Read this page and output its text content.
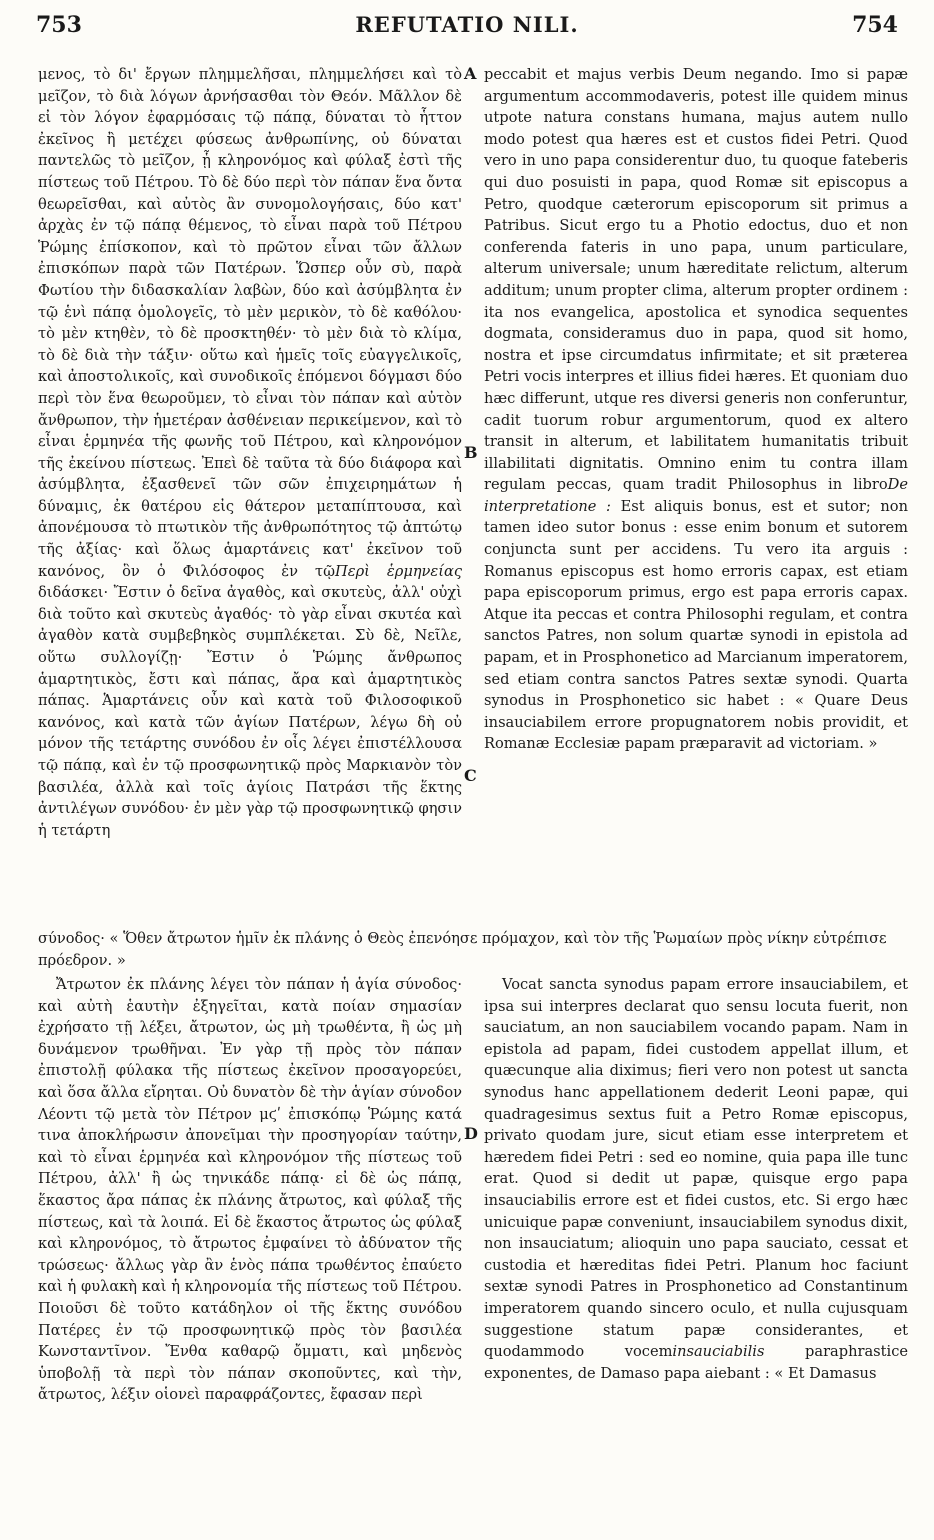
753	REFUTATIO NILI.	754

μενος, τὸ δι' ἔργων πλημμελῆσαι, πλημμελήσει καὶ τὸ μεῖζον, τὸ διὰ λόγων ἀρνήσασθαι τὸν Θεόν. Μᾶλλον δὲ εἰ τὸν λόγον ἐφαρμόσαις τῷ πάπᾳ, δύναται τὸ ἧττον ἐκεῖνος ἢ μετέχει φύσεως ἀνθρωπίνης, οὐ δύναται παντελῶς τὸ μεῖζον, ᾗ κληρονόμος καὶ φύλαξ ἐστὶ τῆς πίστεως τοῦ Πέτρου. Τὸ δὲ δύο περὶ τὸν πάπαν ἕνα ὄντα θεωρεῖσθαι, καὶ αὐτὸς ἂν συνομολογήσαις, δύο κατ' ἀρχὰς ἐν τῷ πάπᾳ θέμενος, τὸ εἶναι παρὰ τοῦ Πέτρου Ῥώμης ἐπίσκοπον, καὶ τὸ πρῶτον εἶναι τῶν ἄλλων ἐπισκόπων παρὰ τῶν Πατέρων. Ὥσπερ οὖν σὺ, παρὰ Φωτίου τὴν διδασκαλίαν λαβὼν, δύο καὶ ἀσύμβλητα ἐν τῷ ἑνὶ πάπᾳ ὁμολογεῖς, τὸ μὲν μερικὸν, τὸ δὲ καθόλου· τὸ μὲν κτηθὲν, τὸ δὲ προσκτηθέν· τὸ μὲν διὰ τὸ κλίμα, τὸ δὲ διὰ τὴν τάξιν· οὕτω καὶ ἡμεῖς τοῖς εὐαγγελικοῖς, καὶ ἀποστολικοῖς, καὶ συνοδικοῖς ἑπόμενοι δόγμασι δύο περὶ τὸν ἕνα θεωροῦμεν, τὸ εἶναι τὸν πάπαν καὶ αὐτὸν ἄνθρωπον, τὴν ἡμετέραν ἀσθένειαν περικείμενον, καὶ τὸ εἶναι ἑρμηνέα τῆς φωνῆς τοῦ Πέτρου, καὶ κληρονόμον τῆς ἐκείνου πίστεως. Ἐπεὶ δὲ ταῦτα τὰ δύο διάφορα καὶ ἀσύμβλητα, ἐξασθενεῖ τῶν σῶν ἐπιχειρημάτων ἡ δύναμις, ἐκ θατέρου εἰς θάτερον μεταπίπτουσα, καὶ ἀπονέμουσα τὸ πτωτικὸν τῆς ἀνθρωπότητος τῷ ἀπτώτῳ τῆς ἀξίας· καὶ ὅλως ἁμαρτάνεις κατ' ἐκεῖνον τοῦ κανόνος, ὃν ὁ Φιλόσοφος ἐν τῷΠερὶ ἑρμηνείας διδάσκει· Ἔστιν ὁ δεῖνα ἀγαθὸς, καὶ σκυτεὺς, ἀλλ' οὐχὶ διὰ τοῦτο καὶ σκυτεὺς ἀγαθός· τὸ γὰρ εἶναι σκυτέα καὶ ἀγαθὸν κατὰ συμβεβηκὸς συμπλέκεται. Σὺ δὲ, Νεῖλε, οὕτω συλλογίζῃ· Ἔστιν ὁ Ῥώμης ἄνθρωπος ἁμαρτητικὸς, ἔστι καὶ πάπας, ἄρα καὶ ἁμαρτητικὸς πάπας. Ἁμαρτάνεις οὖν καὶ κατὰ τοῦ Φιλοσοφικοῦ κανόνος, καὶ κατὰ τῶν ἁγίων Πατέρων, λέγω δὴ οὐ μόνον τῆς τετάρτης συνόδου ἐν οἷς λέγει ἐπιστέλλουσα τῷ πάπᾳ, καὶ ἐν τῷ προσφωνητικῷ πρὸς Μαρκιανὸν τὸν βασιλέα, ἀλλὰ καὶ τοῖς ἁγίοις Πατράσι τῆς ἕκτης ἀντιλέγων συνόδου· ἐν μὲν γὰρ τῷ προσφωνητικῷ φησιν ἡ τετάρτη

peccabit et majus verbis Deum negando. Imo si papæ argumentum accommodaveris, potest ille quidem minus utpote natura constans humana, majus autem nullo modo potest qua hæres est et custos fidei Petri. Quod vero in uno papa considerentur duo, tu quoque fateberis qui duo posuisti in papa, quod Romæ sit episcopus a Petro, quodque cæterorum episcoporum sit primus a Patribus. Sicut ergo tu a Photio edoctus, duo et non conferenda fateris in uno papa, unum particulare, alterum universale; unum hæreditate relictum, alterum additum; unum propter clima, alterum propter ordinem : ita nos evangelica, apostolica et synodica sequentes dogmata, consideramus duo in papa, quod sit homo, nostra et ipse circumdatus infirmitate; et sit præterea Petri vocis interpres et illius fidei hæres. Et quoniam duo hæc differunt, utque res diversi generis non conferuntur, cadit tuorum robur argumentorum, quod ex altero transit in alterum, et labilitatem humanitatis tribuit illabilitati dignitatis. Omnino enim tu contra illam regulam peccas, quam tradit Philosophus in libroDe interpretatione : Est aliquis bonus, est et sutor; non tamen ideo sutor bonus : esse enim bonum et sutorem conjuncta sunt per accidens. Tu vero ita arguis : Romanus episcopus est homo erroris capax, est etiam papa episcoporum primus, ergo est papa erroris capax. Atque ita peccas et contra Philosophi regulam, et contra sanctos Patres, non solum quartæ synodi in epistola ad papam, et in Prosphonetico ad Marcianum imperatorem, sed etiam contra sanctos Patres sextæ synodi. Quarta synodus in Prosphonetico sic habet : « Quare Deus insauciabilem errore propugnatorem nobis providit, et Romanæ Ecclesiæ papam præparavit ad victoriam. »

A
B
C
D
σύνοδος· « Ὅθεν ἄτρωτον ἡμῖν ἐκ πλάνης ὁ Θεὸς ἐπενόησε πρόμαχον, καὶ τὸν τῆς Ῥωμαίων πρὸς νίκην εὐτρέπισε πρόεδρον. »

Ἄτρωτον ἐκ πλάνης λέγει τὸν πάπαν ἡ ἁγία σύνοδος· καὶ αὐτὴ ἑαυτὴν ἐξηγεῖται, κατὰ ποίαν σημασίαν ἐχρήσατο τῇ λέξει, ἄτρωτον, ὡς μὴ τρωθέντα, ἢ ὡς μὴ δυνάμενον τρωθῆναι. Ἐν γὰρ τῇ πρὸς τὸν πάπαν ἐπιστολῇ φύλακα τῆς πίστεως ἐκεῖνον προσαγορεύει, καὶ ὅσα ἄλλα εἴρηται. Οὐ δυνατὸν δὲ τὴν ἁγίαν σύνοδον Λέοντι τῷ μετὰ τὸν Πέτρον μϛʹ ἐπισκόπῳ Ῥώμης κατά τινα ἀποκλήρωσιν ἀπονεῖμαι τὴν προσηγορίαν ταύτην, καὶ τὸ εἶναι ἑρμηνέα καὶ κληρονόμον τῆς πίστεως τοῦ Πέτρου, ἀλλ' ἢ ὡς τηνικάδε πάπᾳ· εἰ δὲ ὡς πάπᾳ, ἕκαστος ἄρα πάπας ἐκ πλάνης ἄτρωτος, καὶ φύλαξ τῆς πίστεως, καὶ τὰ λοιπά. Εἰ δὲ ἕκαστος ἄτρωτος ὡς φύλαξ καὶ κληρονόμος, τὸ ἄτρωτος ἐμφαίνει τὸ ἀδύνατον τῆς τρώσεως· ἄλλως γὰρ ἂν ἑνὸς πάπα τρωθέντος ἐπαύετο καὶ ἡ φυλακὴ καὶ ἡ κληρονομία τῆς πίστεως τοῦ Πέτρου. Ποιοῦσι δὲ τοῦτο κατάδηλον οἱ τῆς ἕκτης συνόδου Πατέρες ἐν τῷ προσφωνητικῷ πρὸς τὸν βασιλέα Κωνσταντῖνον. Ἔνθα καθαρῷ ὄμματι, καὶ μηδενὸς ὑποβολῇ τὰ περὶ τὸν πάπαν σκοποῦντες, καὶ τὴν, ἄτρωτος, λέξιν οἱονεὶ παραφράζοντες, ἔφασαν περὶ

Vocat sancta synodus papam errore insauciabilem, et ipsa sui interpres declarat quo sensu locuta fuerit, non sauciatum, an non sauciabilem vocando papam. Nam in epistola ad papam, fidei custodem appellat illum, et quæcunque alia diximus; fieri vero non potest ut sancta synodus hanc appellationem dederit Leoni papæ, qui quadragesimus sextus fuit a Petro Romæ episcopus, privato quodam jure, sicut etiam esse interpretem et hæredem fidei Petri : sed eo nomine, quia papa ille tunc erat. Quod si dedit ut papæ, quisque ergo papa insauciabilis errore est et fidei custos, etc. Si ergo hæc unicuique papæ conveniunt, insauciabilem synodus dixit, non insauciatum; alioquin uno papa sauciato, cessat et custodia et hæreditas fidei Petri. Planum hoc faciunt sextæ synodi Patres in Prosphonetico ad Constantinum imperatorem quando sincero oculo, et nulla cujusquam suggestione statum papæ considerantes, et quodammodo voceminsauciabilis paraphrastice exponentes, de Damaso papa aiebant : « Et Damasus
